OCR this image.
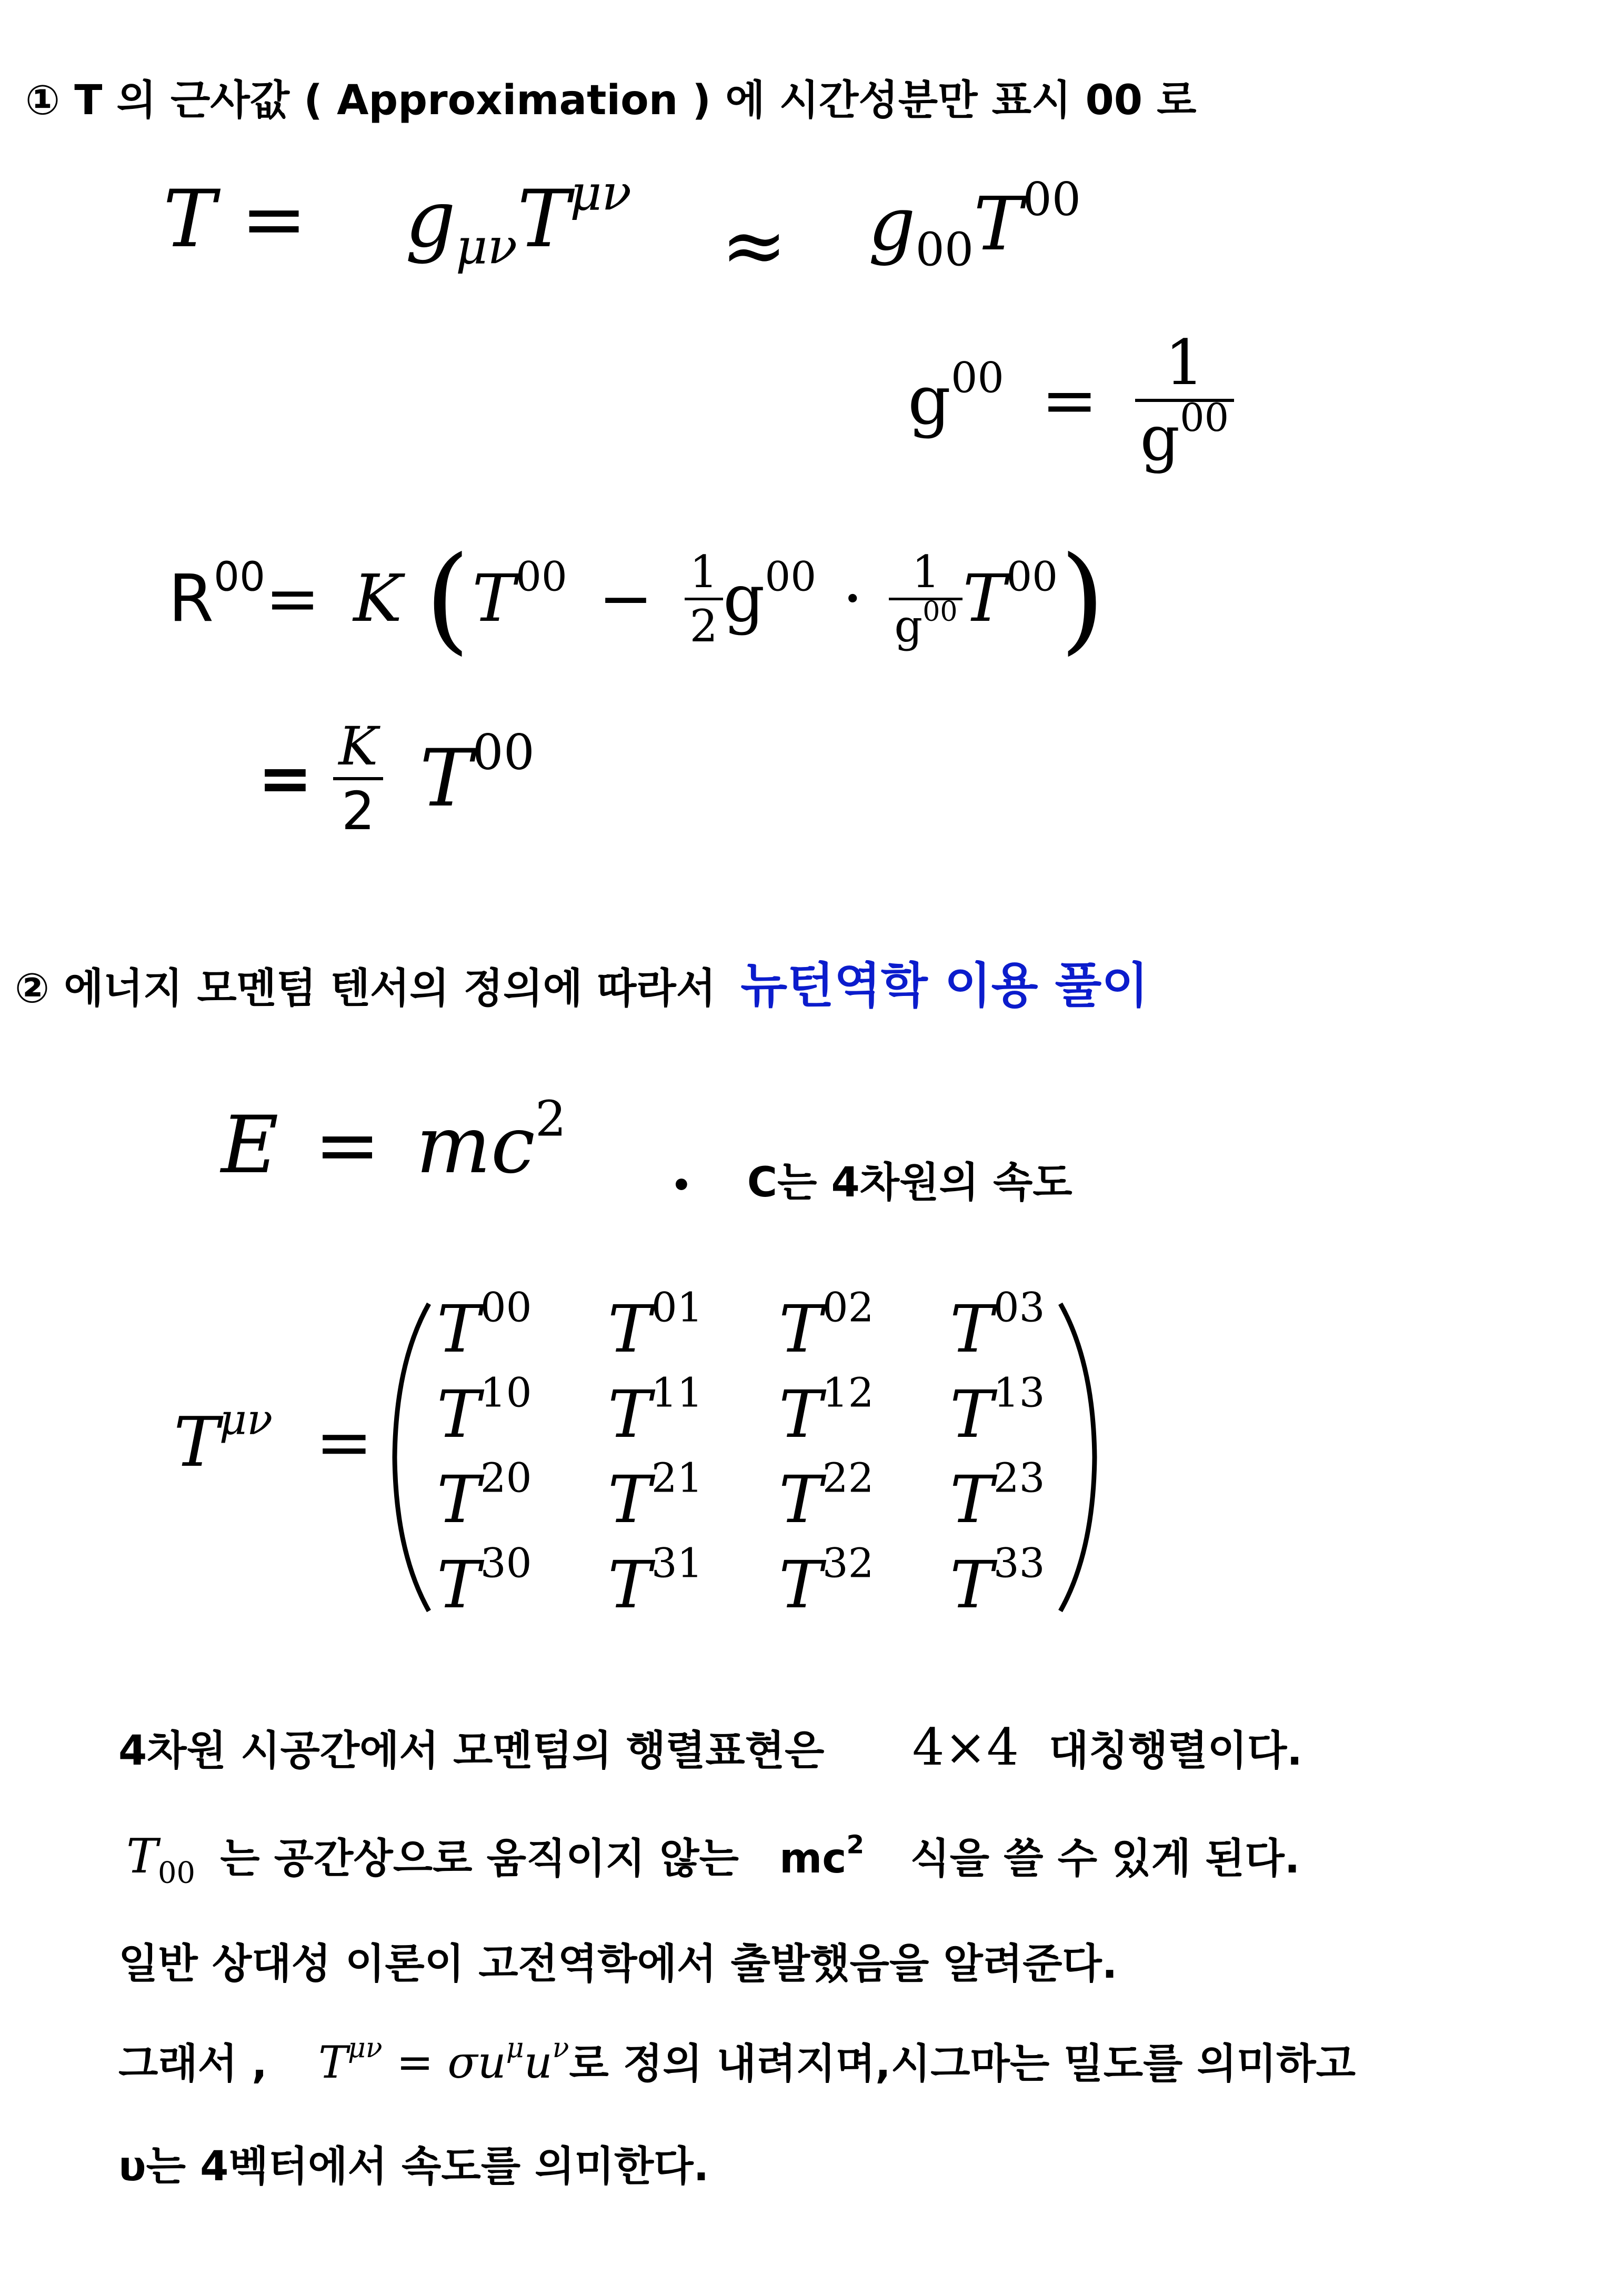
① T 의 근사값 ( Approximation ) 에 시간성분만 표시 00 로
$T = g_{\mu\nu}T^{\mu\nu}$
≈ $g_{00}T^{00}$
$g^{00} = \frac{1}{g^{00}}$
$R^{00}= K$ $(T^{00} - \frac{1}{2} g^{00} \cdot \frac{1}{g^{00}} T^{00})$
= $\frac{K}{2} T^{00}$
② 에너지 모멘텀 텐서의 정의에 따라서 뉴턴역학 이용 풀이
$E = mc^2$
• C는 4차원의 속도
$T^{\mu\nu}$ =
$T^{00}$ $T^{01}$ $T^{02}$ $T^{03}$
$T^{10}$ $T^{11}$ $T^{12}$ $T^{13}$
$T^{20}$ $T^{21}$ $T^{22}$ $T^{23}$
$T^{30}$ $T^{31}$ $T^{32}$ $T^{33}$
4차원 시공간에서 모멘텀의 행렬표현은 4×4 대칭행렬이다.
$T_{00}$ 는 공간상으로 움직이지 않는 $mc^2$ 식을 쓸 수 있게 된다.
일반 상대성 이론이 고전역학에서 출발했음을 알려준다.
그래서 , $T^{\mu\nu} = \sigma u^\mu u^\nu$로 정의 내려지며,시그마는 밀도를 의미하고
υ는 4벡터에서 속도를 의미한다.
